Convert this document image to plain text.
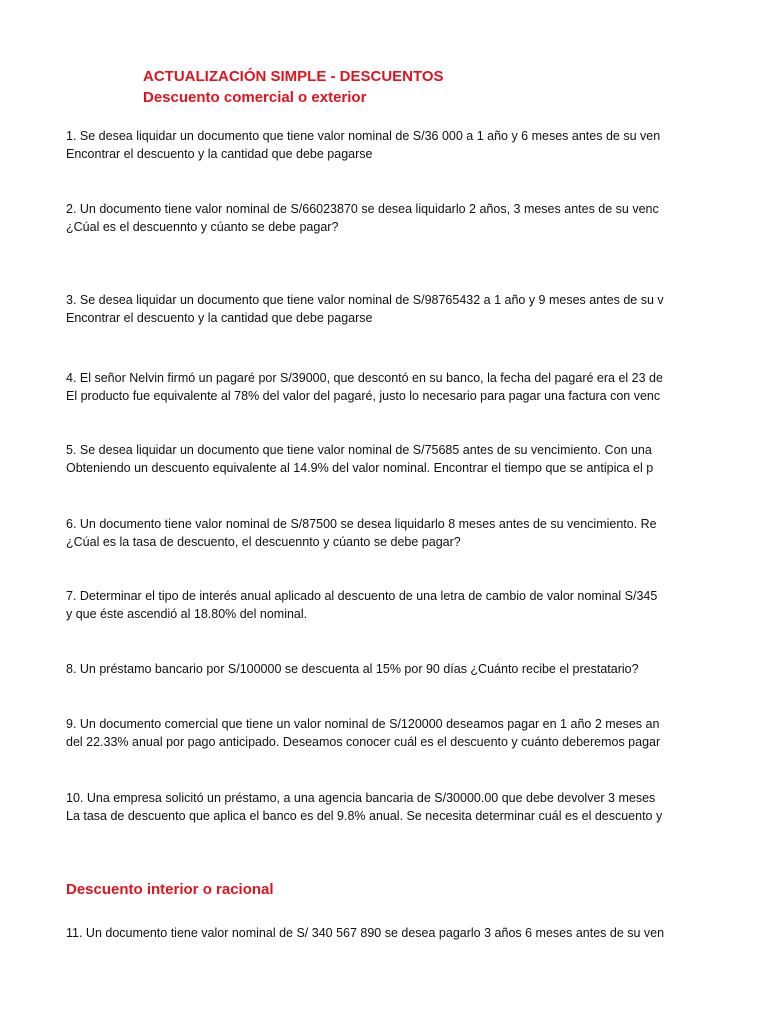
ACTUALIZACIÓN SIMPLE - DESCUENTOS
Descuento comercial o exterior
1. Se desea liquidar un documento que tiene valor nominal de S/36 000 a 1 año y 6 meses antes de su ven
Encontrar el descuento y la cantidad que debe pagarse
2. Un documento tiene valor nominal de S/66023870 se desea liquidarlo 2 años, 3 meses antes de su venc
¿Cúal es el descuennto y cúanto se debe pagar?
3. Se desea liquidar un documento que tiene valor nominal de S/98765432 a 1 año y 9 meses antes de su v
Encontrar el descuento y la cantidad que debe pagarse
4. El señor Nelvin firmó un pagaré por S/39000, que descontó en su banco, la fecha del pagaré era el 23 de
El producto fue equivalente al 78% del valor del pagaré, justo lo necesario para pagar una factura con venc
5. Se desea liquidar un documento que tiene valor nominal de S/75685 antes de su vencimiento. Con una
Obteniendo un descuento equivalente al 14.9% del valor nominal. Encontrar el tiempo que se antipica el p
6. Un documento tiene valor nominal de S/87500 se desea liquidarlo 8 meses antes de su vencimiento. Re
¿Cúal es la tasa de descuento, el descuennto y cúanto se debe pagar?
7. Determinar el tipo de interés anual aplicado al descuento de una letra de cambio de valor nominal S/345
y que éste ascendió al 18.80% del nominal.
8. Un préstamo bancario por S/100000 se descuenta al 15% por 90 días ¿Cuánto recibe el prestatario?
9. Un documento comercial que tiene un valor nominal de S/120000 deseamos pagar en 1 año 2 meses an
del 22.33% anual por pago anticipado. Deseamos conocer cuál es el descuento y cuánto deberemos pagar
10. Una empresa solicitó un préstamo, a una agencia bancaria de S/30000.00 que debe devolver 3 meses
La tasa de descuento que aplica el banco es del 9.8% anual. Se necesita determinar cuál es el descuento y
Descuento interior o racional
11. Un documento tiene valor nominal de S/ 340 567 890 se desea pagarlo 3 años 6 meses antes de su ven
